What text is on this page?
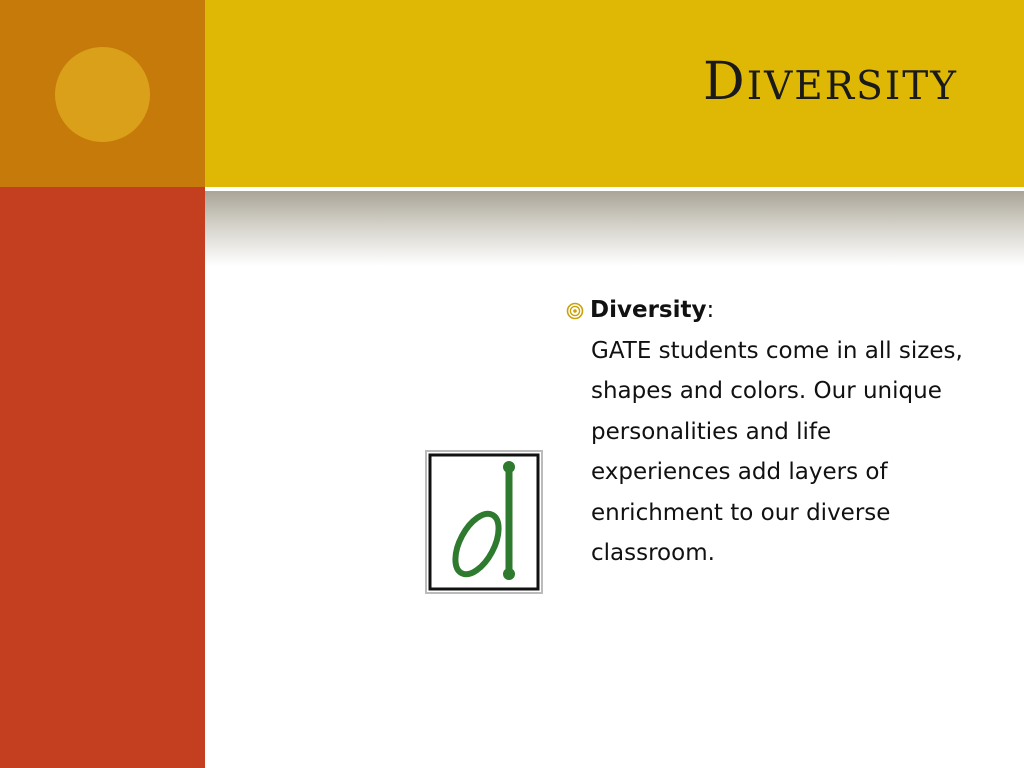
DIVERSITY
Diversity:
GATE students come in all sizes, shapes and colors. Our unique personalities and life experiences add layers of enrichment to our diverse classroom.
